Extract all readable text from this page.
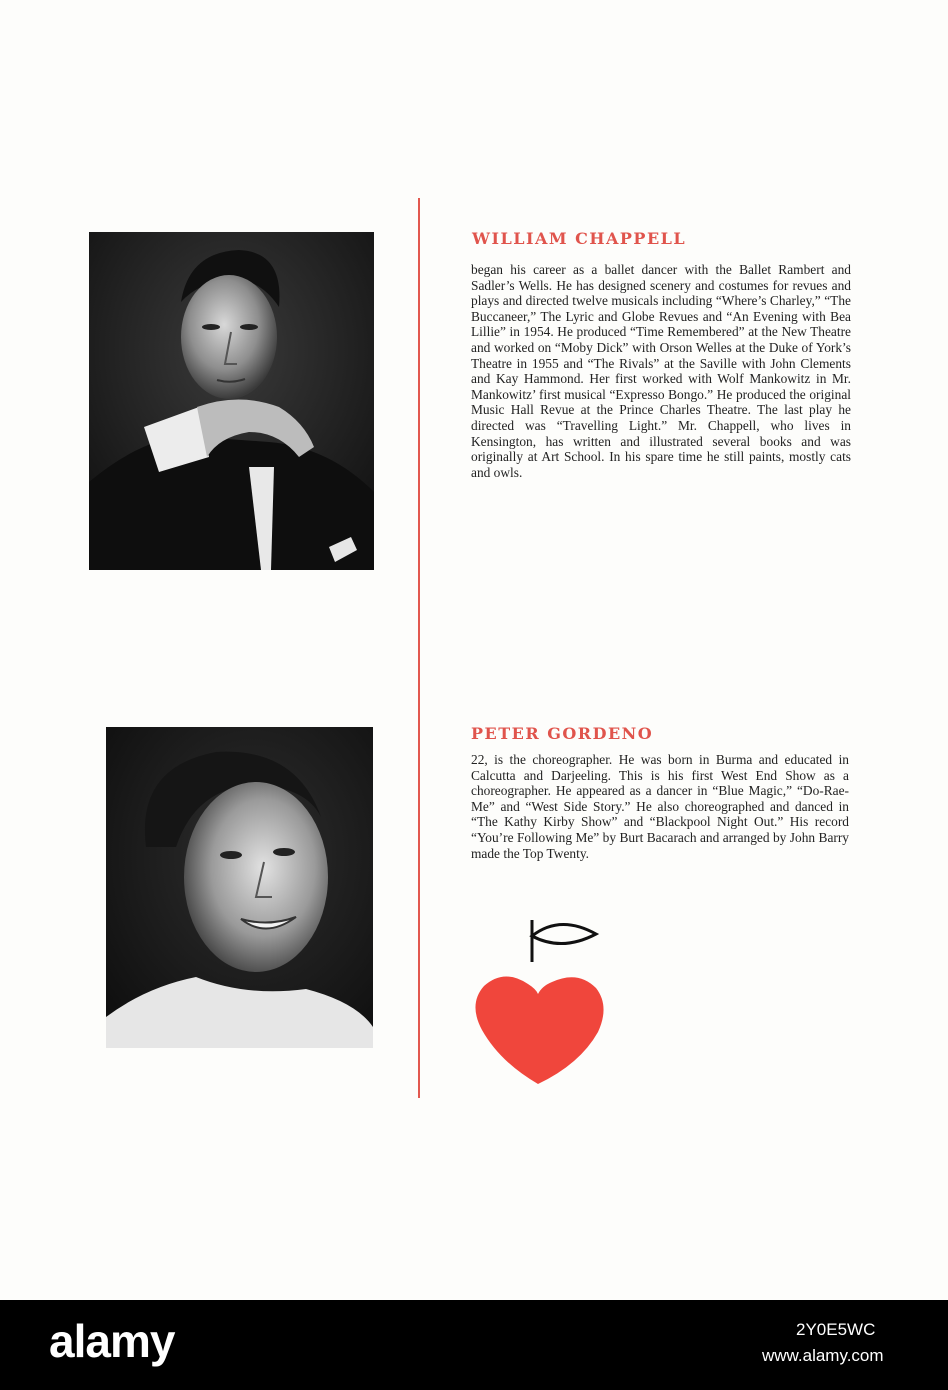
WILLIAM CHAPPELL

began his career as a ballet dancer with the Ballet Rambert and Sadler’s Wells. He has designed scenery and costumes for revues and plays and directed twelve musicals including “Where’s Charley,” “The Buccaneer,” The Lyric and Globe Revues and “An Evening with Bea Lillie” in 1954. He produced “Time Remembered” at the New Theatre and worked on “Moby Dick” with Orson Welles at the Duke of York’s Theatre in 1955 and “The Rivals” at the Saville with John Clements and Kay Hammond. Her first worked with Wolf Mankowitz in Mr. Mankowitz’ first musical “Expresso Bongo.” He produced the original Music Hall Revue at the Prince Charles Theatre. The last play he directed was “Travelling Light.” Mr. Chappell, who lives in Kensington, has written and illustrated several books and was originally at Art School. In his spare time he still paints, mostly cats and owls.

PETER GORDENO

22, is the choreographer. He was born in Burma and educated in Calcutta and Darjeeling. This is his first West End Show as a choreographer. He appeared as a dancer in “Blue Magic,” “Do-Rae-Me” and “West Side Story.” He also choreographed and danced in “The Kathy Kirby Show” and “Blackpool Night Out.” His record “You’re Following Me” by Burt Bacarach and arranged by John Barry made the Top Twenty.

alamy	2Y0E5WC

www.alamy.com
